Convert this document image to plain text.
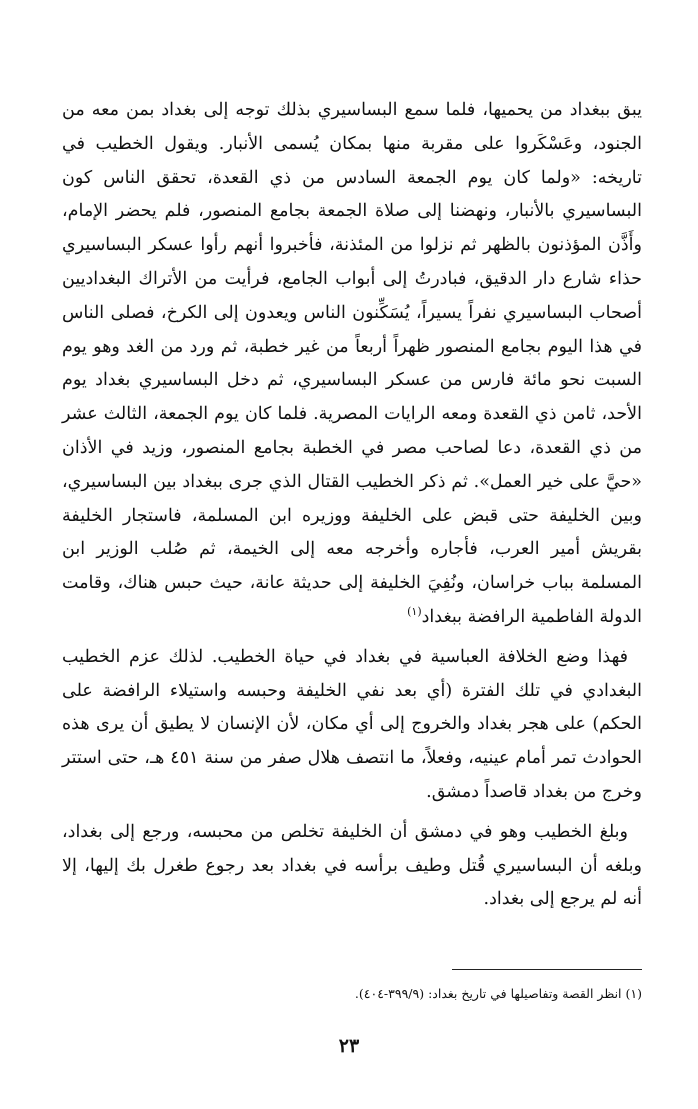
يبق ببغداد من يحميها، فلما سمع البساسيري بذلك توجه إلى بغداد بمن معه من الجنود، وعَسْكَروا على مقربة منها بمكان يُسمى الأنبار. ويقول الخطيب في تاريخه: «ولما كان يوم الجمعة السادس من ذي القعدة، تحقق الناس كون البساسيري بالأنبار، ونهضنا إلى صلاة الجمعة بجامع المنصور، فلم يحضر الإمام، وأَذَّن المؤذنون بالظهر ثم نزلوا من المئذنة، فأخبروا أنهم رأوا عسكر البساسيري حذاء شارع دار الدقيق، فبادرتُ إلى أبواب الجامع، فرأيت من الأتراك البغداديين أصحاب البساسيري نفراً يسيراً، يُسَكِّنون الناس ويعدون إلى الكرخ، فصلى الناس في هذا اليوم بجامع المنصور ظهراً أربعاً من غير خطبة، ثم ورد من الغد وهو يوم السبت نحو مائة فارس من عسكر البساسيري، ثم دخل البساسيري بغداد يوم الأحد، ثامن ذي القعدة ومعه الرايات المصرية. فلما كان يوم الجمعة، الثالث عشر من ذي القعدة، دعا لصاحب مصر في الخطبة بجامع المنصور، وزيد في الأذان «حيَّ على خير العمل». ثم ذكر الخطيب القتال الذي جرى ببغداد بين البساسيري، وبين الخليفة حتى قبض على الخليفة ووزيره ابن المسلمة، فاستجار الخليفة بقريش أمير العرب، فأجاره وأخرجه معه إلى الخيمة، ثم صُلب الوزير ابن المسلمة بباب خراسان، ونُفِيَ الخليفة إلى حديثة عانة، حيث حبس هناك، وقامت الدولة الفاطمية الرافضة ببغداد$^{(١)}$

فهذا وضع الخلافة العباسية في بغداد في حياة الخطيب. لذلك عزم الخطيب البغدادي في تلك الفترة (أي بعد نفي الخليفة وحبسه واستيلاء الرافضة على الحكم) على هجر بغداد والخروج إلى أي مكان، لأن الإنسان لا يطيق أن يرى هذه الحوادث تمر أمام عينيه، وفعلاً، ما انتصف هلال صفر من سنة ٤٥١ هـ، حتى استتر وخرج من بغداد قاصداً دمشق.

وبلغ الخطيب وهو في دمشق أن الخليفة تخلص من محبسه، ورجع إلى بغداد، وبلغه أن البساسيري قُتل وطيف برأسه في بغداد بعد رجوع طغرل بك إليها، إلا أنه لم يرجع إلى بغداد.

(١) انظر القصة وتفاصيلها في تاريخ بغداد: (٣٩٩/٩-٤٠٤).

٢٣
